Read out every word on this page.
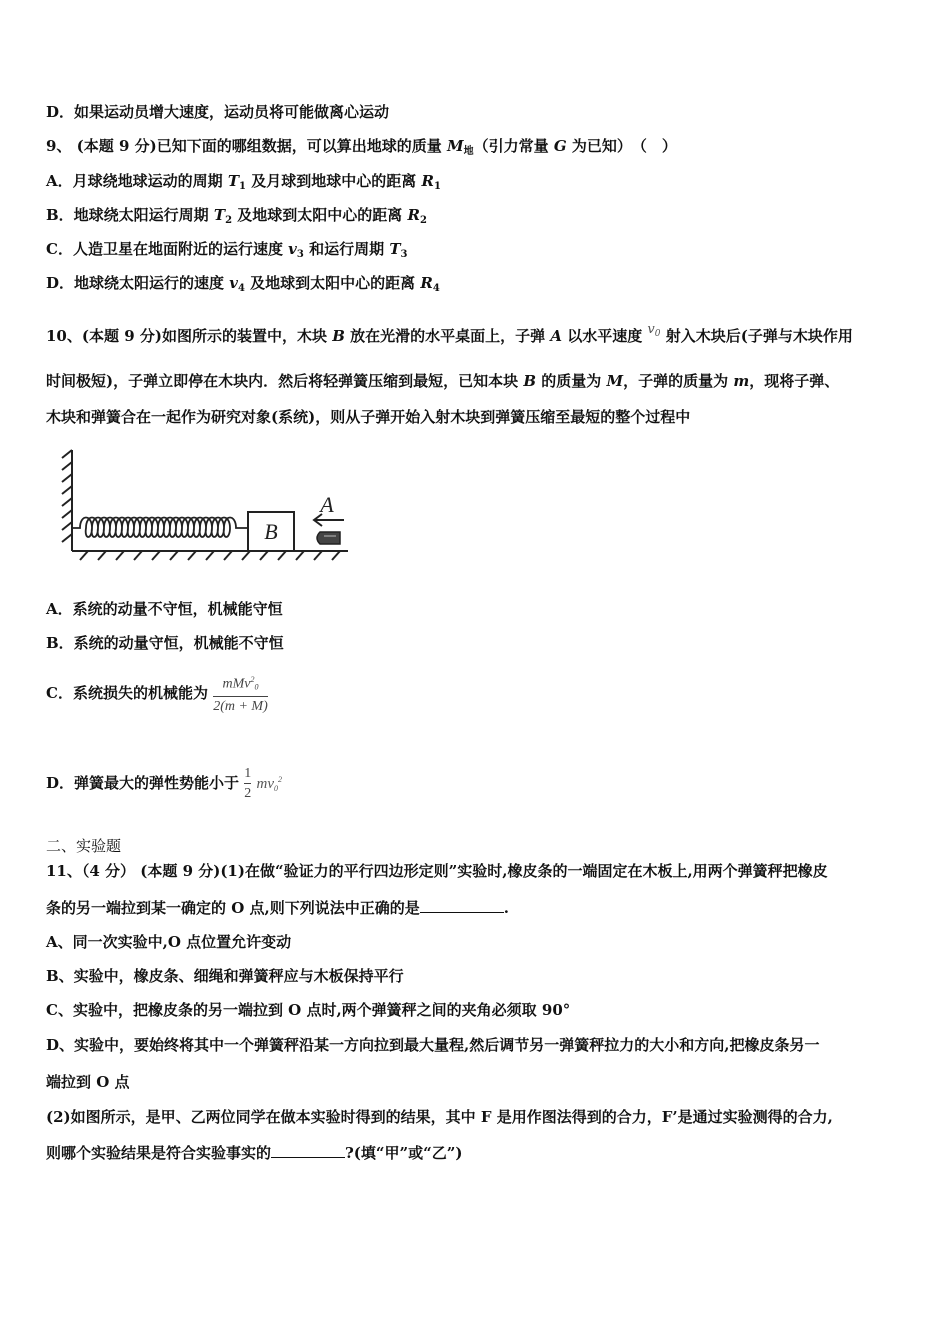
D．如果运动员增大速度，运动员将可能做离心运动
9、 (本题 9 分)已知下面的哪组数据，可以算出地球的质量 $M_地$（引力常量 G 为已知）　（　）
A．月球绕地球运动的周期 $T_1$ 及月球到地球中心的距离 $R_1$
B．地球绕太阳运行周期 $T_2$ 及地球到太阳中心的距离 $R_2$
C．人造卫星在地面附近的运行速度 $v_3$ 和运行周期 $T_3$
D．地球绕太阳运行的速度 $v_4$ 及地球到太阳中心的距离 $R_4$
10、(本题 9 分)如图所示的装置中，木块 B 放在光滑的水平桌面上，子弹 A 以水平速度 $v_0$ 射入木块后(子弹与木块作用
时间极短)，子弹立即停在木块内．然后将轻弹簧压缩到最短，已知本块 B 的质量为 M，子弹的质量为 m，现将子弹、
木块和弹簧合在一起作为研究对象(系统)，则从子弹开始入射木块到弹簧压缩至最短的整个过程中
B
A
A．系统的动量不守恒，机械能守恒
B．系统的动量守恒，机械能不守恒
C．系统损失的机械能为 $\frac{mMv^2_0}{2(m + M)}$
D．弹簧最大的弹性势能小于 $\frac{1}{2} mv_0^2$
二、实验题
11、（4 分） (本题 9 分)(1)在做“验证力的平行四边形定则”实验时,橡皮条的一端固定在木板上,用两个弹簧秤把橡皮
条的另一端拉到某一确定的 O 点,则下列说法中正确的是	.
A、同一次实验中,O 点位置允许变动
B、实验中，橡皮条、细绳和弹簧秤应与木板保持平行
C、实验中，把橡皮条的另一端拉到 O 点时,两个弹簧秤之间的夹角必须取 90°
D、实验中，要始终将其中一个弹簧秤沿某一方向拉到最大量程,然后调节另一弹簧秤拉力的大小和方向,把橡皮条另一
端拉到 O 点
(2)如图所示，是甲、乙两位同学在做本实验时得到的结果，其中 F 是用作图法得到的合力，F’是通过实验测得的合力,
则哪个实验结果是符合实验事实的	?(填“甲”或“乙”)
